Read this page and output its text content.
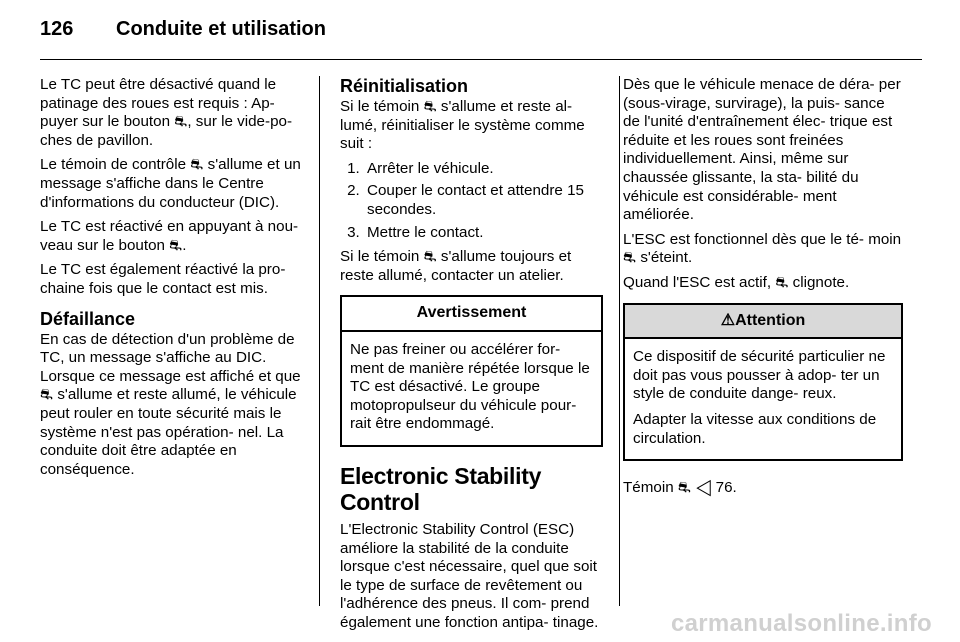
126 Conduite et utilisation

Le TC peut être désactivé quand le patinage des roues est requis : Ap- puyer sur le bouton ⛐, sur le vide-po- ches de pavillon.

Le témoin de contrôle ⛐ s'allume et un message s'affiche dans le Centre d'informations du conducteur (DIC).

Le TC est réactivé en appuyant à nou- veau sur le bouton ⛐.

Le TC est également réactivé la pro- chaine fois que le contact est mis.

Défaillance

En cas de détection d'un problème de TC, un message s'affiche au DIC. Lorsque ce message est affiché et que ⛐ s'allume et reste allumé, le véhicule peut rouler en toute sécurité mais le système n'est pas opération- nel. La conduite doit être adaptée en conséquence.

Réinitialisation

Si le témoin ⛐ s'allume et reste al- lumé, réinitialiser le système comme suit :

1. Arrêter le véhicule.
2. Couper le contact et attendre 15 secondes.
3. Mettre le contact.

Si le témoin ⛐ s'allume toujours et reste allumé, contacter un atelier.

Avertissement

Ne pas freiner ou accélérer for- ment de manière répétée lorsque le TC est désactivé. Le groupe motopropulseur du véhicule pour- rait être endommagé.

Electronic Stability Control

L'Electronic Stability Control (ESC) améliore la stabilité de la conduite lorsque c'est nécessaire, quel que soit le type de surface de revêtement ou l'adhérence des pneus. Il com- prend également une fonction antipa- tinage.

Dès que le véhicule menace de déra- per (sous-virage, survirage), la puis- sance de l'unité d'entraînement élec- trique est réduite et les roues sont freinées individuellement. Ainsi, même sur chaussée glissante, la sta- bilité du véhicule est considérable- ment améliorée.

L'ESC est fonctionnel dès que le té- moin ⛐ s'éteint.

Quand l'ESC est actif, ⛐ clignote.

⚠Attention

Ce dispositif de sécurité particulier ne doit pas vous pousser à adop- ter un style de conduite dange- reux.

Adapter la vitesse aux conditions de circulation.

Témoin ⛐ ◁ 76.

carmanualsonline.info
